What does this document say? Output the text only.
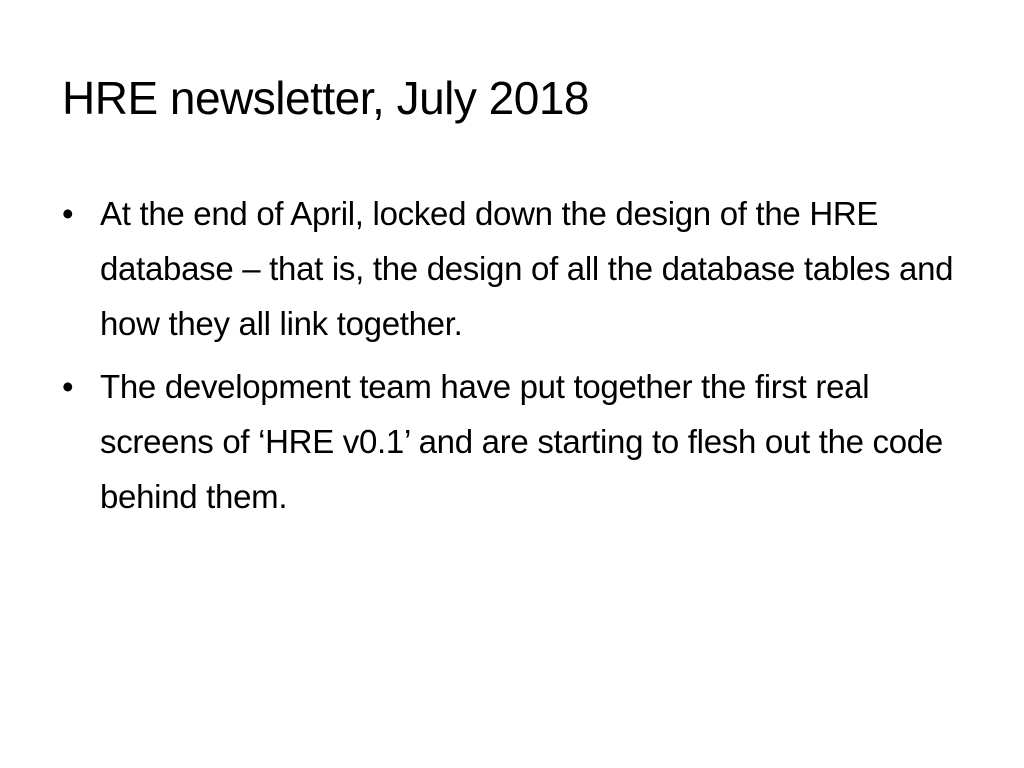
HRE newsletter, July 2018
• At the end of April, locked down the design of the HRE database – that is, the design of all the database tables and how they all link together.
• The development team have put together the first real screens of ‘HRE v0.1’ and are starting to flesh out the code behind them.
